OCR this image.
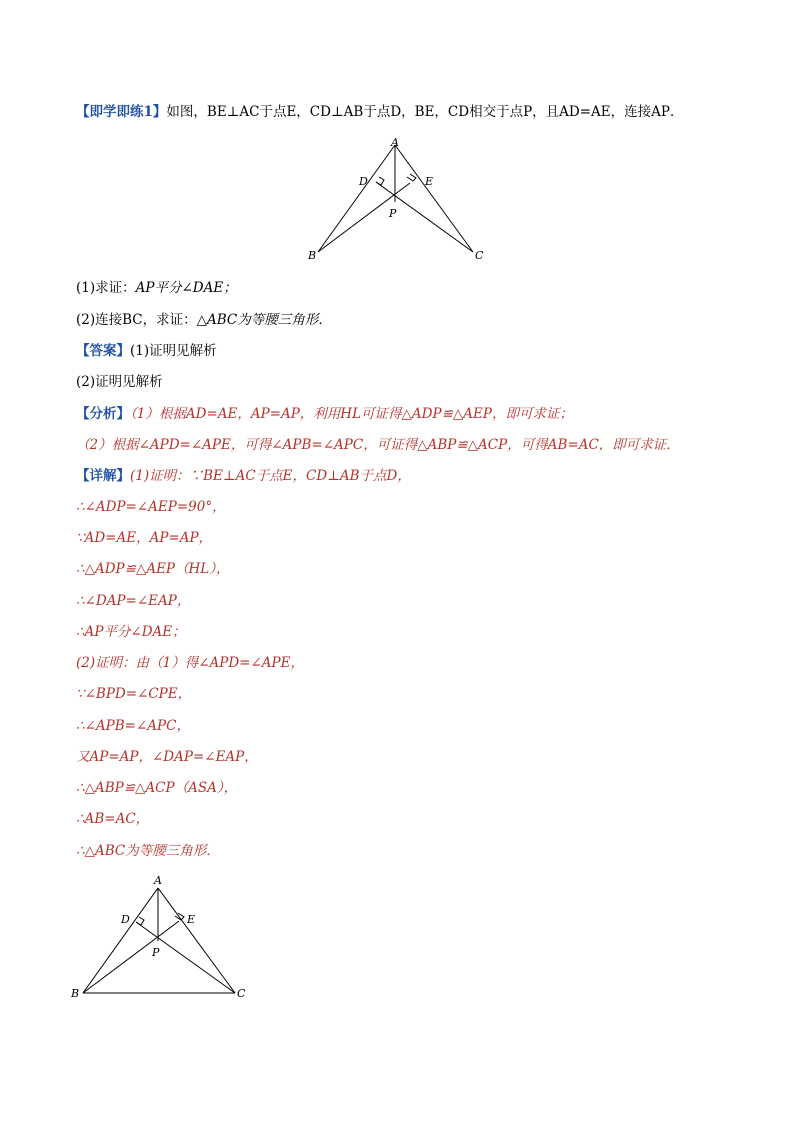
【即学即练1】如图，BE⊥AC于点E，CD⊥AB于点D，BE，CD相交于点P，且AD=AE，连接AP．
A
D	E
P
B	C
(1)求证：AP平分∠DAE；
(2)连接BC，求证：△ABC为等腰三角形．
【答案】(1)证明见解析
(2)证明见解析
【分析】（1）根据AD=AE，AP=AP，利用HL可证得△ADP≌△AEP，即可求证；
（2）根据∠APD=∠APE，可得∠APB=∠APC，可证得△ABP≌△ACP，可得AB=AC，即可求证．
【详解】(1)证明：∵BE⊥AC于点E，CD⊥AB于点D，
∴∠ADP=∠AEP=90°，
∵AD=AE，AP=AP，
∴△ADP≌△AEP（HL），
∴∠DAP=∠EAP，
∴AP平分∠DAE；
(2)证明：由（1）得∠APD=∠APE，
∵∠BPD=∠CPE，
∴∠APB=∠APC，
又AP=AP，∠DAP=∠EAP，
∴△ABP≌△ACP（ASA），
∴AB=AC，
∴△ABC为等腰三角形．
A
D	E
P
B	C
